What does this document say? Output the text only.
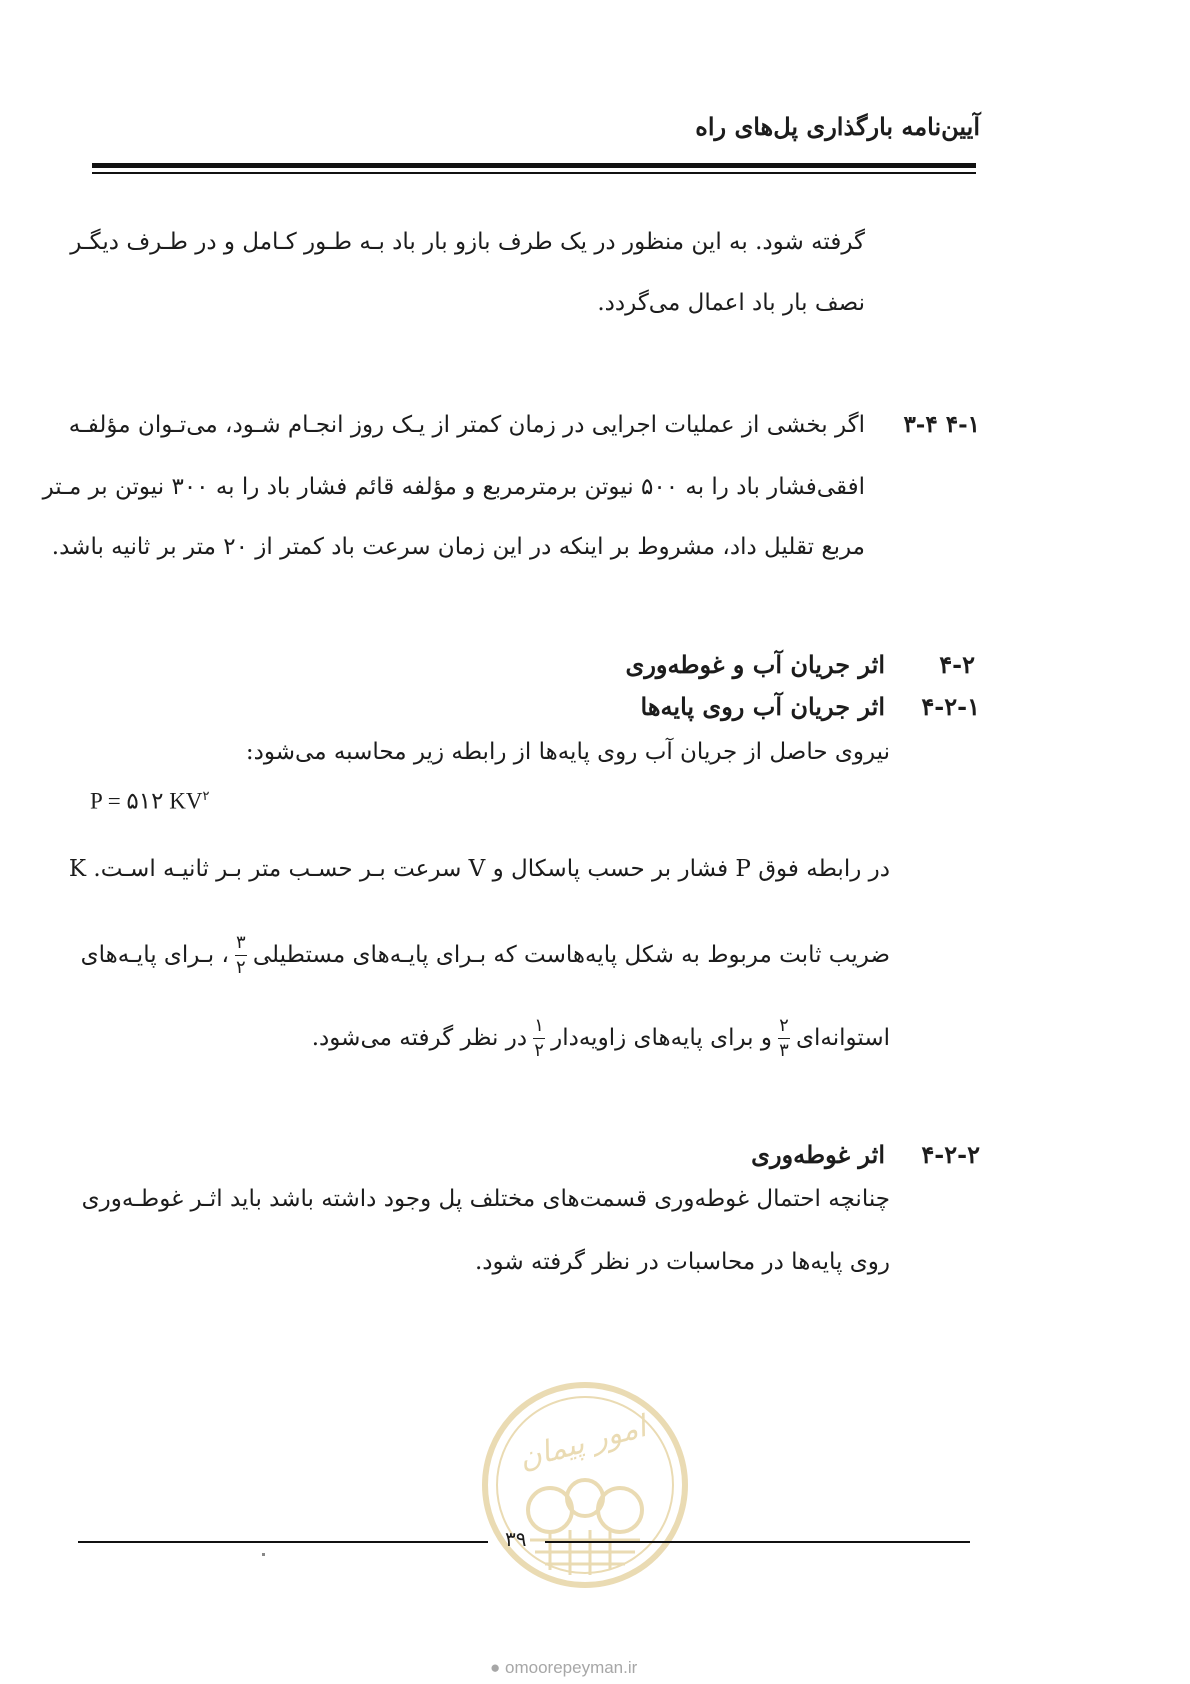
آیین‌نامه بارگذاری پل‌های راه
گرفته شود. به این منظور در یک طرف بازو بار باد بـه طـور کـامل و در طـرف دیگـر
نصف بار باد اعمال می‌گردد.
۴-۱ ۳-۴
اگر بخشی از عملیات اجرایی در زمان کمتر از یـک روز انجـام شـود، می‌تـوان مؤلفـه
افقی‌فشار باد را به ۵۰۰ نیوتن برمترمربع و مؤلفه قائم فشار باد را به ۳۰۰ نیوتن بر مـتر
مربع تقلیل داد، مشروط بر اینکه در این زمان سرعت باد کمتر از ۲۰ متر بر ثانیه باشد.
۴-۲
اثر جریان آب و غوطه‌وری
۴-۲-۱
اثر جریان آب روی پایه‌ها
نیروی حاصل از جریان آب روی پایه‌ها از رابطه زیر محاسبه می‌شود:
P = ۵۱۲ $KV^۲$
در رابطه فوق P فشار بر حسب پاسکال و V سرعت بـر حسـب متر بـر ثانیـه اسـت. K
ضریب ثابت مربوط به شکل پایه‌هاست که بـرای پایـه‌های مستطیلی
$\frac{۳}{۲}$
، بـرای پایـه‌های
استوانه‌ای
$\frac{۲}{۳}$
و برای پایه‌های زاویه‌دار
$\frac{۱}{۲}$
در نظر گرفته می‌شود.
۴-۲-۲
اثر غوطه‌وری
چنانچه احتمال غوطه‌وری قسمت‌های مختلف پل وجود داشته باشد باید اثـر غوطـه‌وری
روی پایه‌ها در محاسبات در نظر گرفته شود.
امور پیمان
۳۹
● omoorepeyman.ir
